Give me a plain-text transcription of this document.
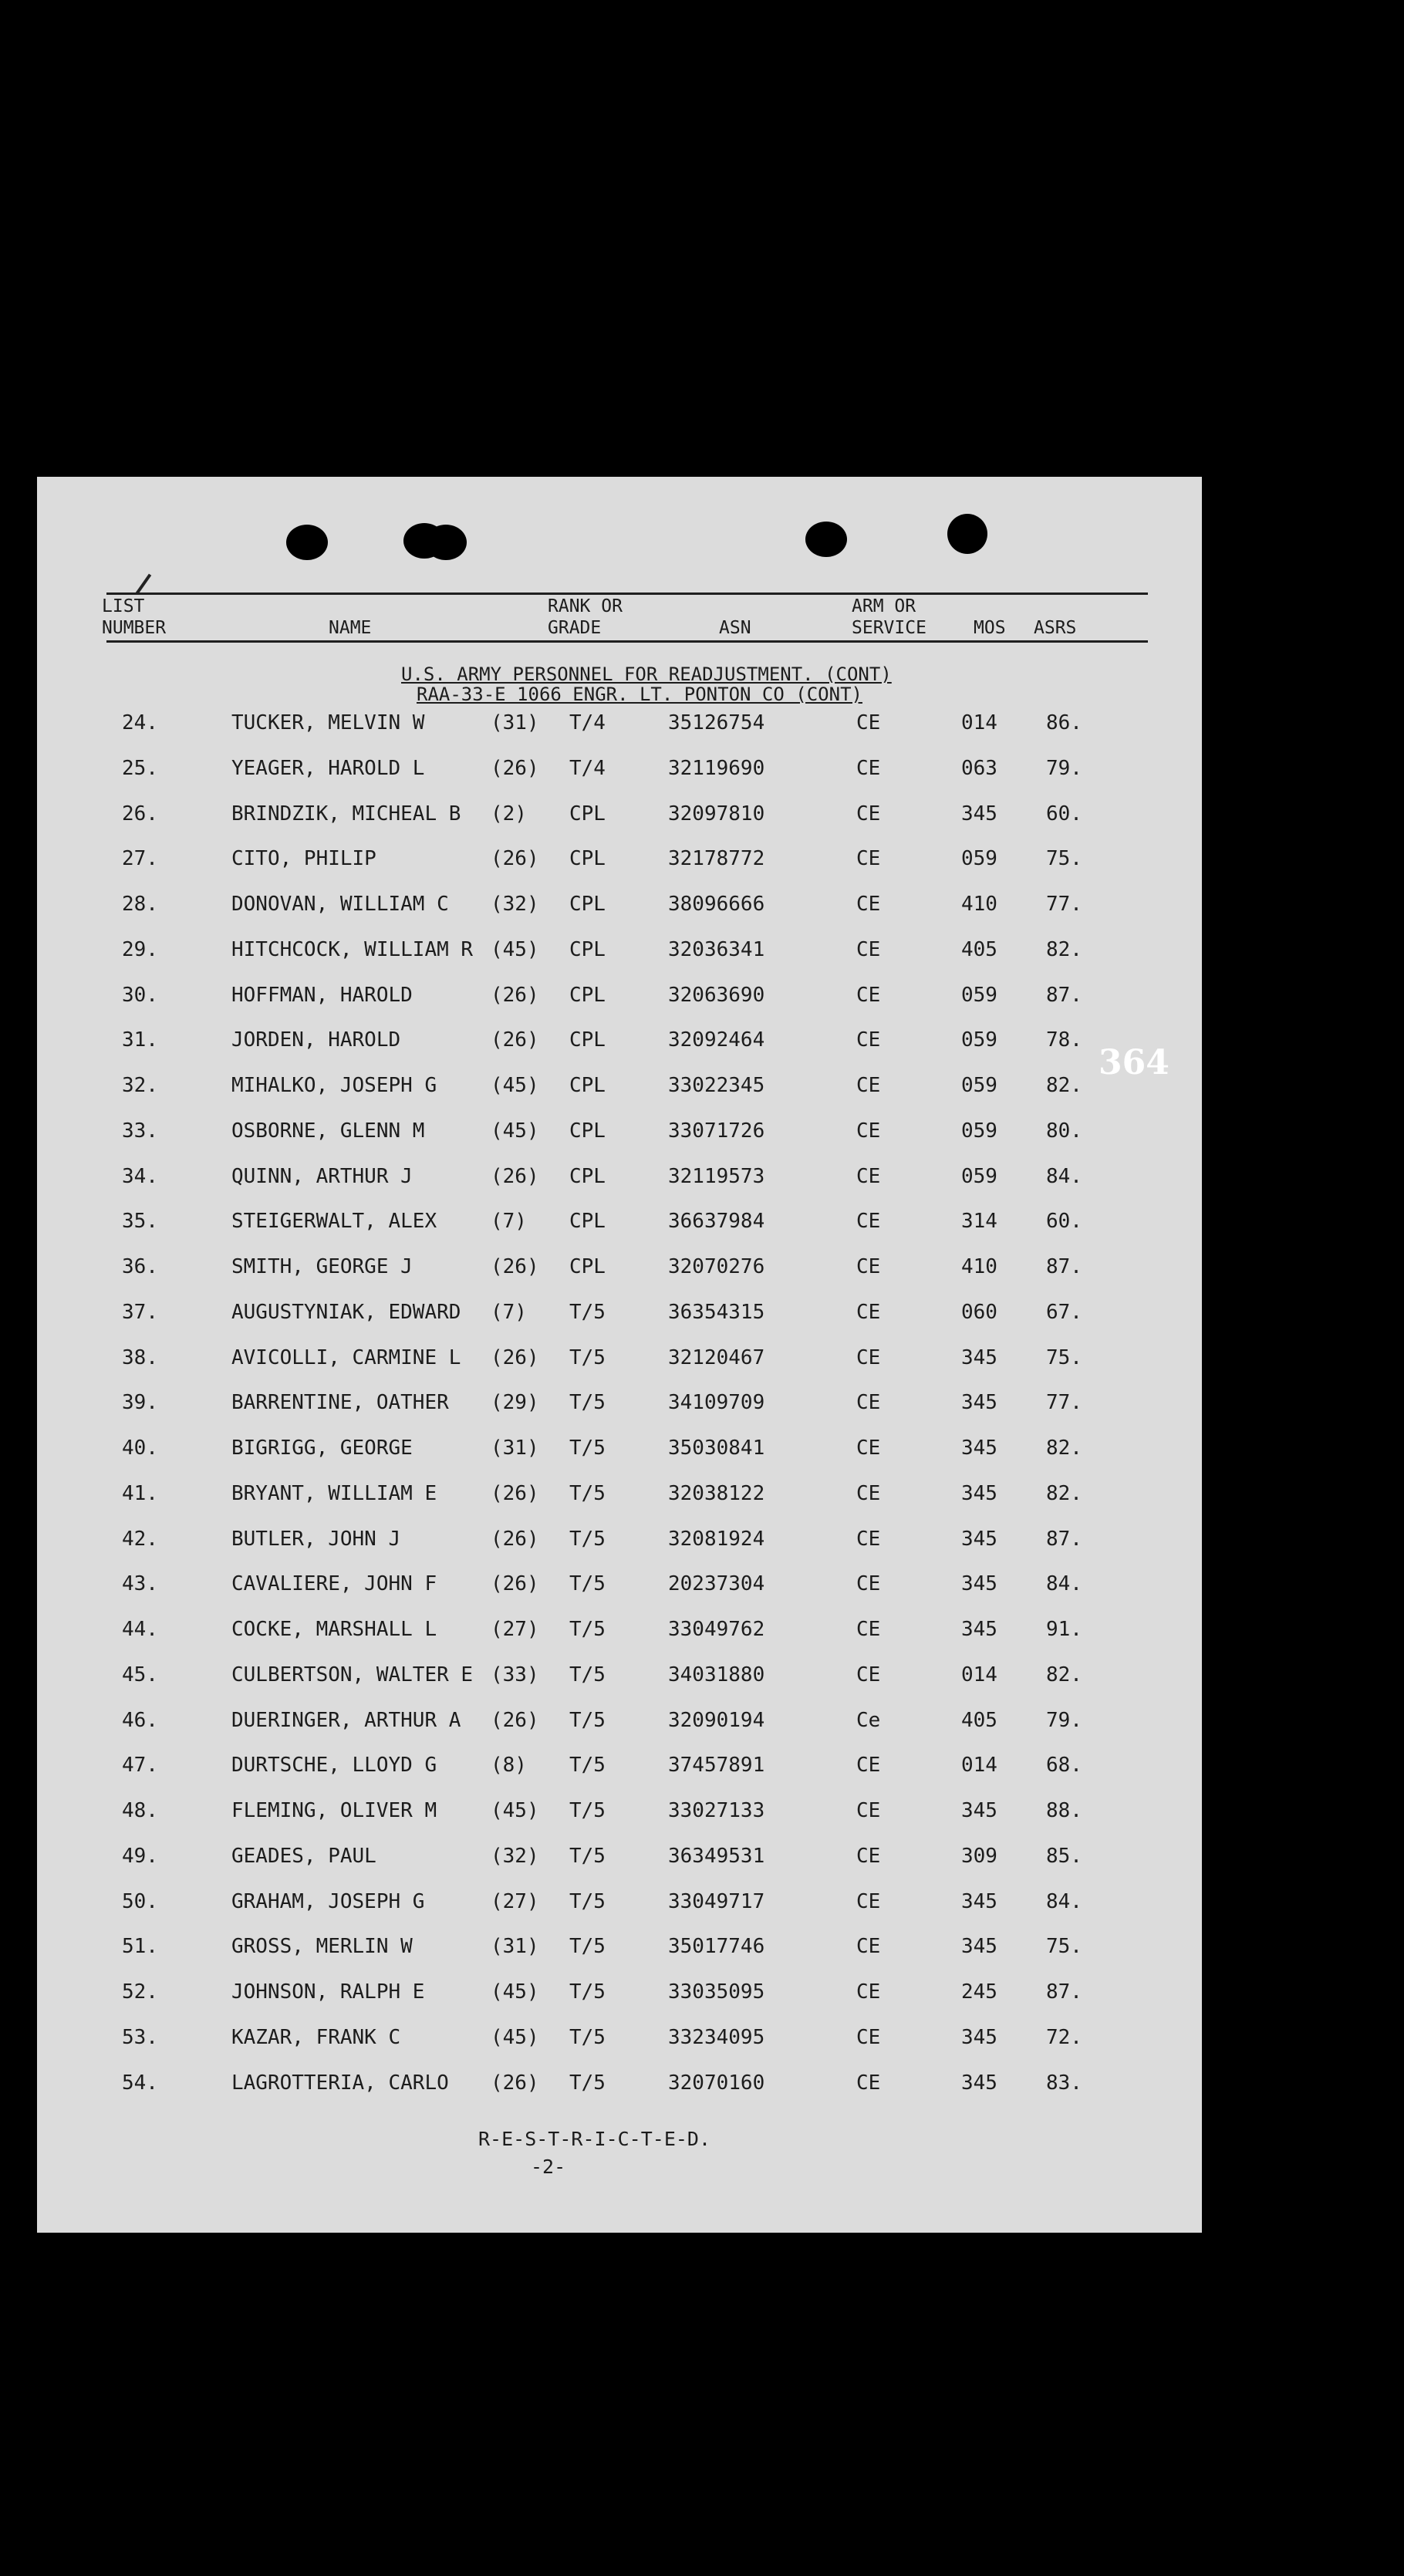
LIST NUMBER	NAME
RANK OR GRADE	ASN
ARM OR SERVICE	MOS ASRS
U.S. ARMY PERSONNEL FOR READJUSTMENT. (CONT)
RAA-33-E 1066 ENGR. LT. PONTON CO (CONT)
24.	TUCKER, MELVIN W	(31) T/4	35126754	CE	014 86.
25.	YEAGER, HAROLD L	(26) T/4	32119690	CE	063 79.
26.	BRINDZIK, MICHEAL B (2) CPL	32097810	CE	345 60.
27.	CITO, PHILIP	(26) CPL	32178772	CE	059 75.
28.	DONOVAN, WILLIAM C (32) CPL	38096666	CE	410 77.
29.	HITCHCOCK, WILLIAM R (45) CPL	32036341	CE	405 82.
30.	HOFFMAN, HAROLD	(26) CPL	32063690	CE	059 87.
31.	JORDEN, HAROLD	(26) CPL	32092464	CE	059 78.
32.	MIHALKO, JOSEPH G	(45) CPL	33022345	CE	059 82.
33.	OSBORNE, GLENN M	(45) CPL	33071726	CE	059 80.
34.	QUINN, ARTHUR J	(26) CPL	32119573	CE	059 84.
35.	STEIGERWALT, ALEX	(7) CPL	36637984	CE	314 60.
36.	SMITH, GEORGE J	(26) CPL	32070276	CE	410 87.
37.	AUGUSTYNIAK, EDWARD (7) T/5	36354315	CE	060 67.
38.	AVICOLLI, CARMINE L (26) T/5	32120467	CE	345 75.
39.	BARRENTINE, OATHER (29) T/5	34109709	CE	345 77.
40.	BIGRIGG, GEORGE	(31) T/5	35030841	CE	345 82.
41.	BRYANT, WILLIAM E	(26) T/5	32038122	CE	345 82.
42.	BUTLER, JOHN J	(26) T/5	32081924	CE	345 87.
43.	CAVALIERE, JOHN F	(26) T/5	20237304	CE	345 84.
44.	COCKE, MARSHALL L	(27) T/5	33049762	CE	345 91.
45.	CULBERTSON, WALTER E (33) T/5	34031880	CE	014 82.
46.	DUERINGER, ARTHUR A (26) T/5	32090194	Ce	405 79.
47.	DURTSCHE, LLOYD G	(8) T/5	37457891	CE	014 68.
48.	FLEMING, OLIVER M	(45) T/5	33027133	CE	345 88.
49.	GEADES, PAUL	(32) T/5	36349531	CE	309 85.
50.	GRAHAM, JOSEPH G	(27) T/5	33049717	CE	345 84.
51.	GROSS, MERLIN W	(31) T/5	35017746	CE	345 75.
52.	JOHNSON, RALPH E	(45) T/5	33035095	CE	245 87.
53.	KAZAR, FRANK C	(45) T/5	33234095	CE	345 72.
54.	LAGROTTERIA, CARLO (26) T/5	32070160	CE	345 83.
R-E-S-T-R-I-C-T-E-D.
-2-
364
